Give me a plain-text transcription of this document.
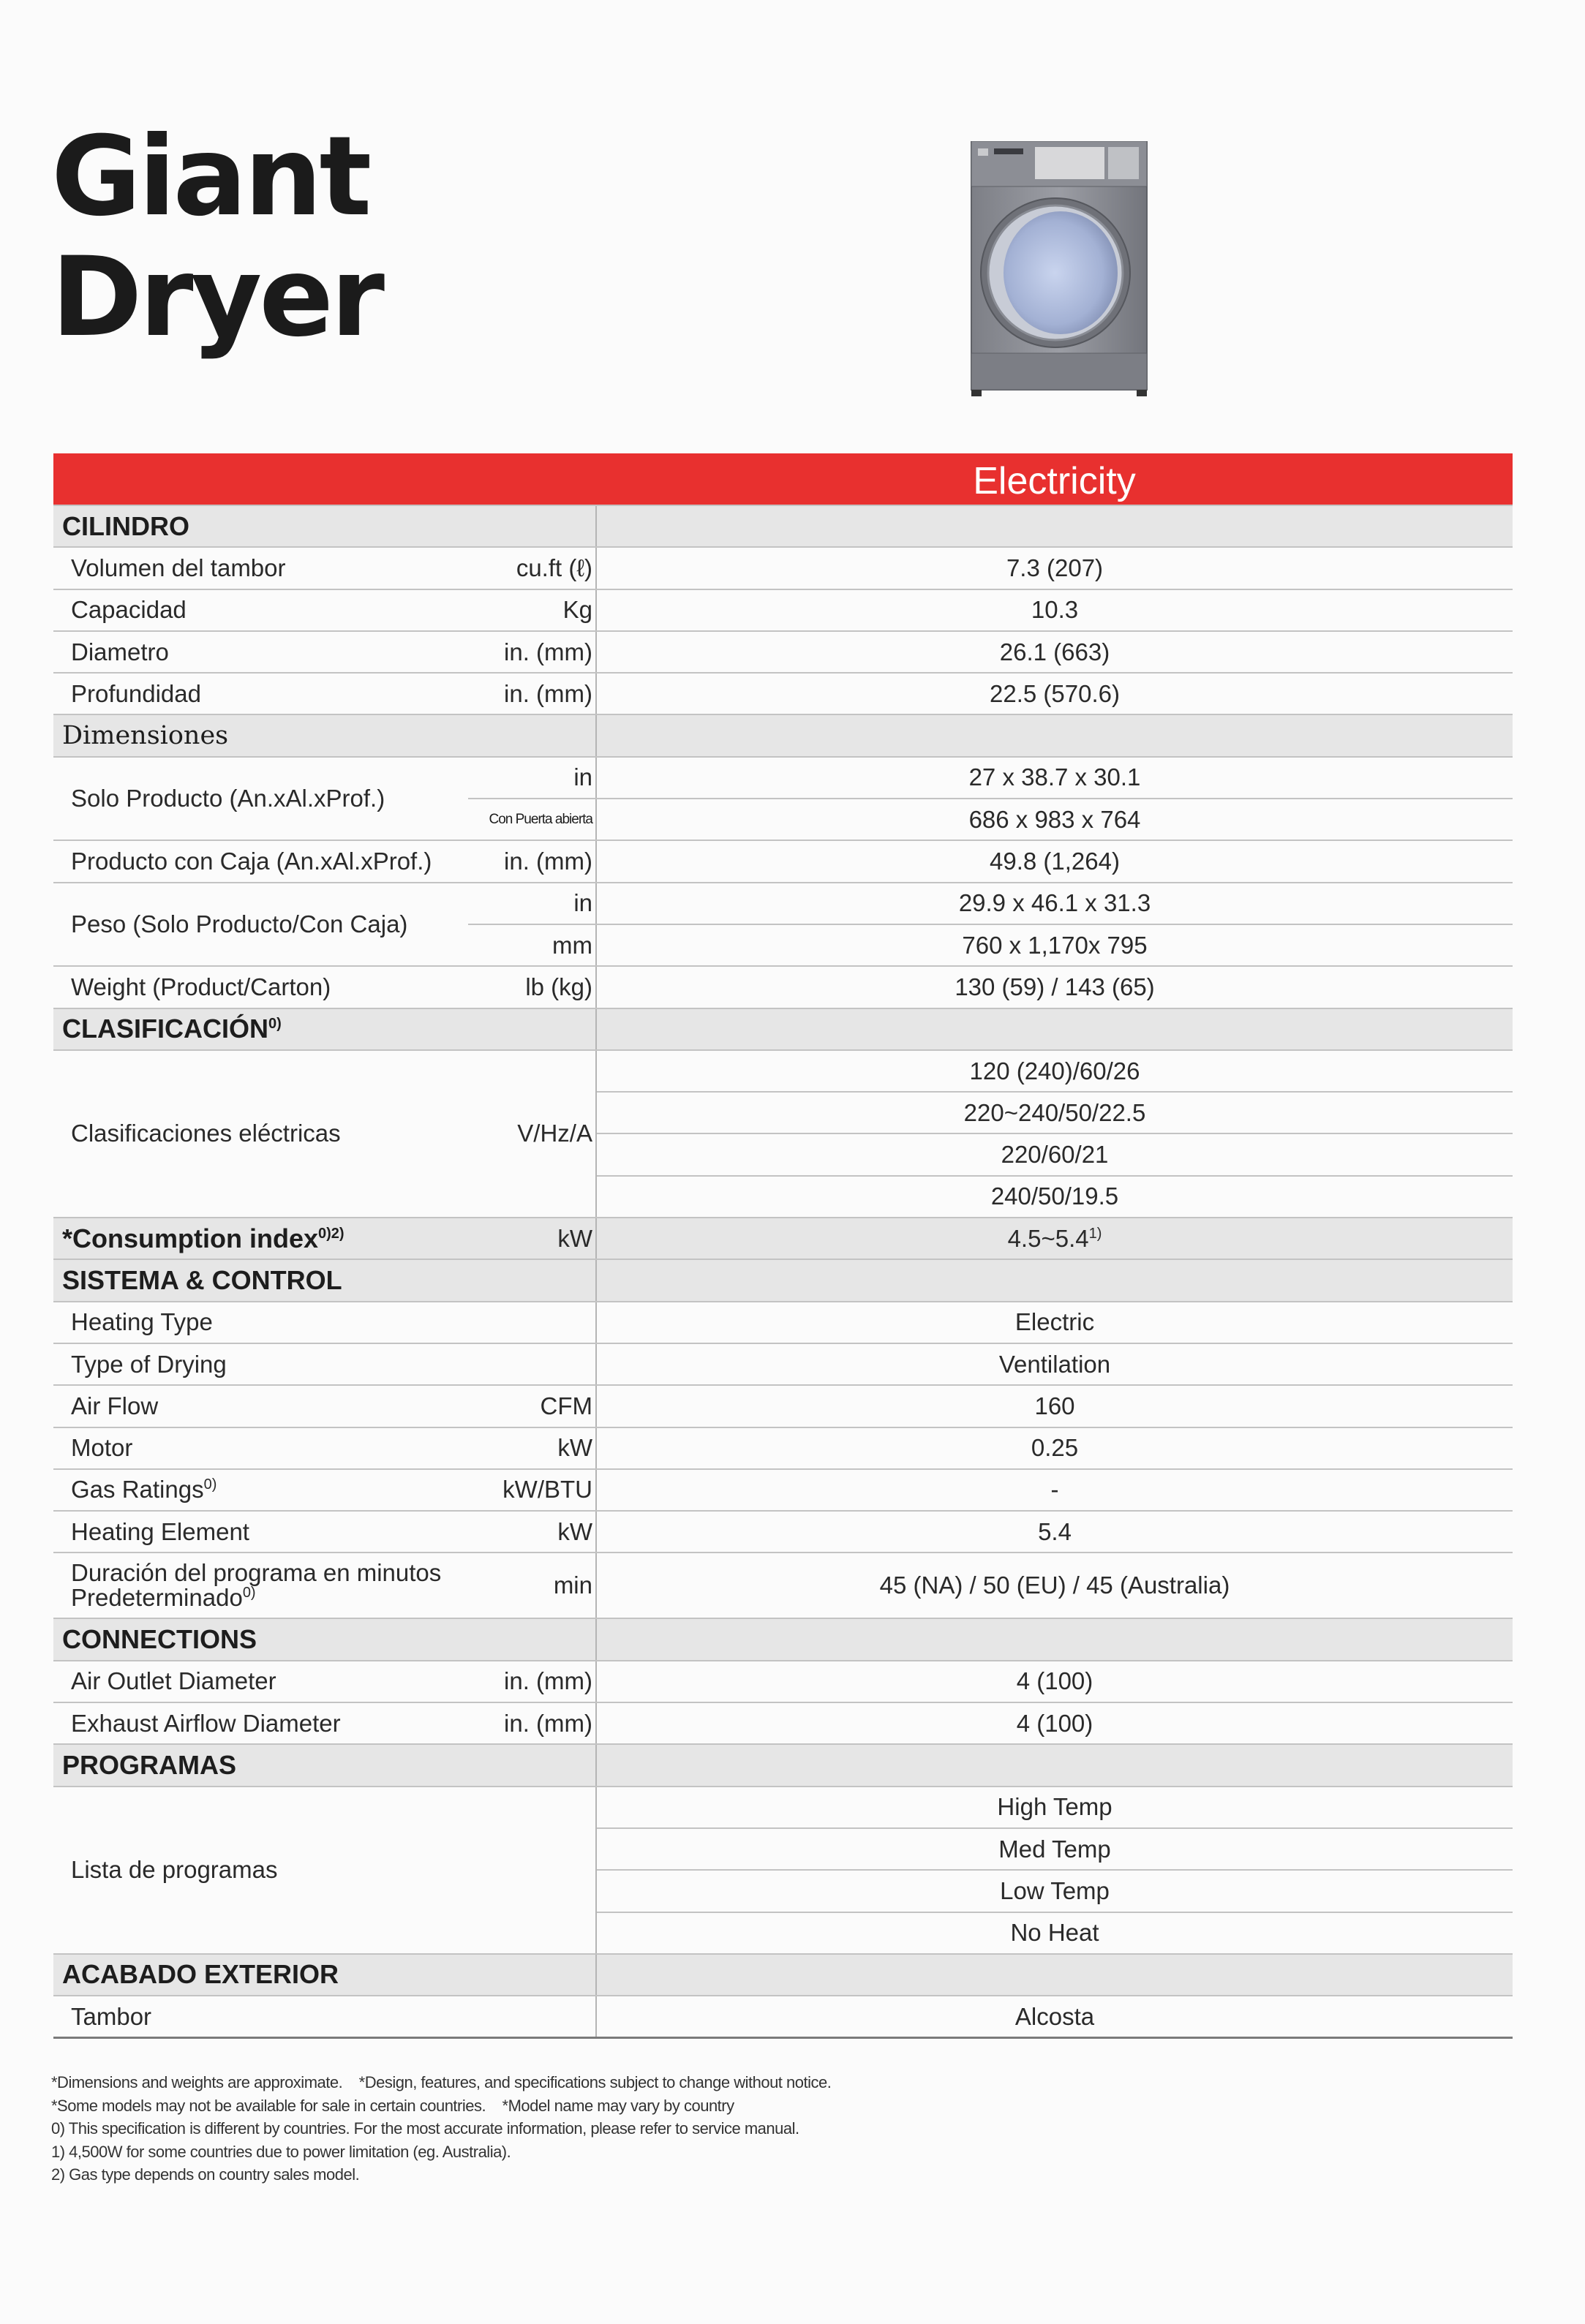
Giant
Dryer
		Electricity
CILINDRO		
Volumen del tambor	cu.ft (ℓ)	7.3 (207)
Capacidad	Kg	10.3
Diametro	in. (mm)	26.1 (663)
Profundidad	in. (mm)	22.5 (570.6)
Dimensiones		
Solo Producto (An.xAl.xProf.)	in	27 x 38.7 x 30.1
	Con Puerta abierta	686 x 983 x 764
Producto con Caja (An.xAl.xProf.)	in. (mm)	49.8 (1,264)
Peso (Solo Producto/Con Caja)	in	29.9 x 46.1 x 31.3
	mm	760 x 1,170x 795
Weight (Product/Carton)	lb (kg)	130 (59) / 143 (65)
CLASIFICACIÓN$^{0)}$	
Clasificaciones eléctricas	V/Hz/A	120 (240)/60/26
		220~240/50/22.5
		220/60/21
		240/50/19.5
*Consumption index$^{0)2)}$	kW	4.5~5.4$^{1)}$
SISTEMA & CONTROL		
Heating Type		Electric
Type of Drying		Ventilation
Air Flow	CFM	160
Motor	kW	0.25
Gas Ratings$^{0)}$	kW/BTU	-
Heating Element	kW	5.4
Duración del programa en minutos
Predeterminado$^{0)}$	min	45 (NA) / 50 (EU) / 45 (Australia)
CONNECTIONS		
Air Outlet Diameter	in. (mm)	4 (100)
Exhaust Airflow Diameter	in. (mm)	4 (100)
PROGRAMAS		
Lista de programas		High Temp
		Med Temp
		Low Temp
		No Heat
ACABADO EXTERIOR		
Tambor		Alcosta
*Dimensions and weights are approximate.    *Design, features, and specifications subject to change without notice.
*Some models may not be available for sale in certain countries.    *Model name may vary by country
0) This specification is different by countries. For the most accurate information, please refer to service manual.
1) 4,500W for some countries due to power limitation (eg. Australia).
2) Gas type depends on country sales model.
